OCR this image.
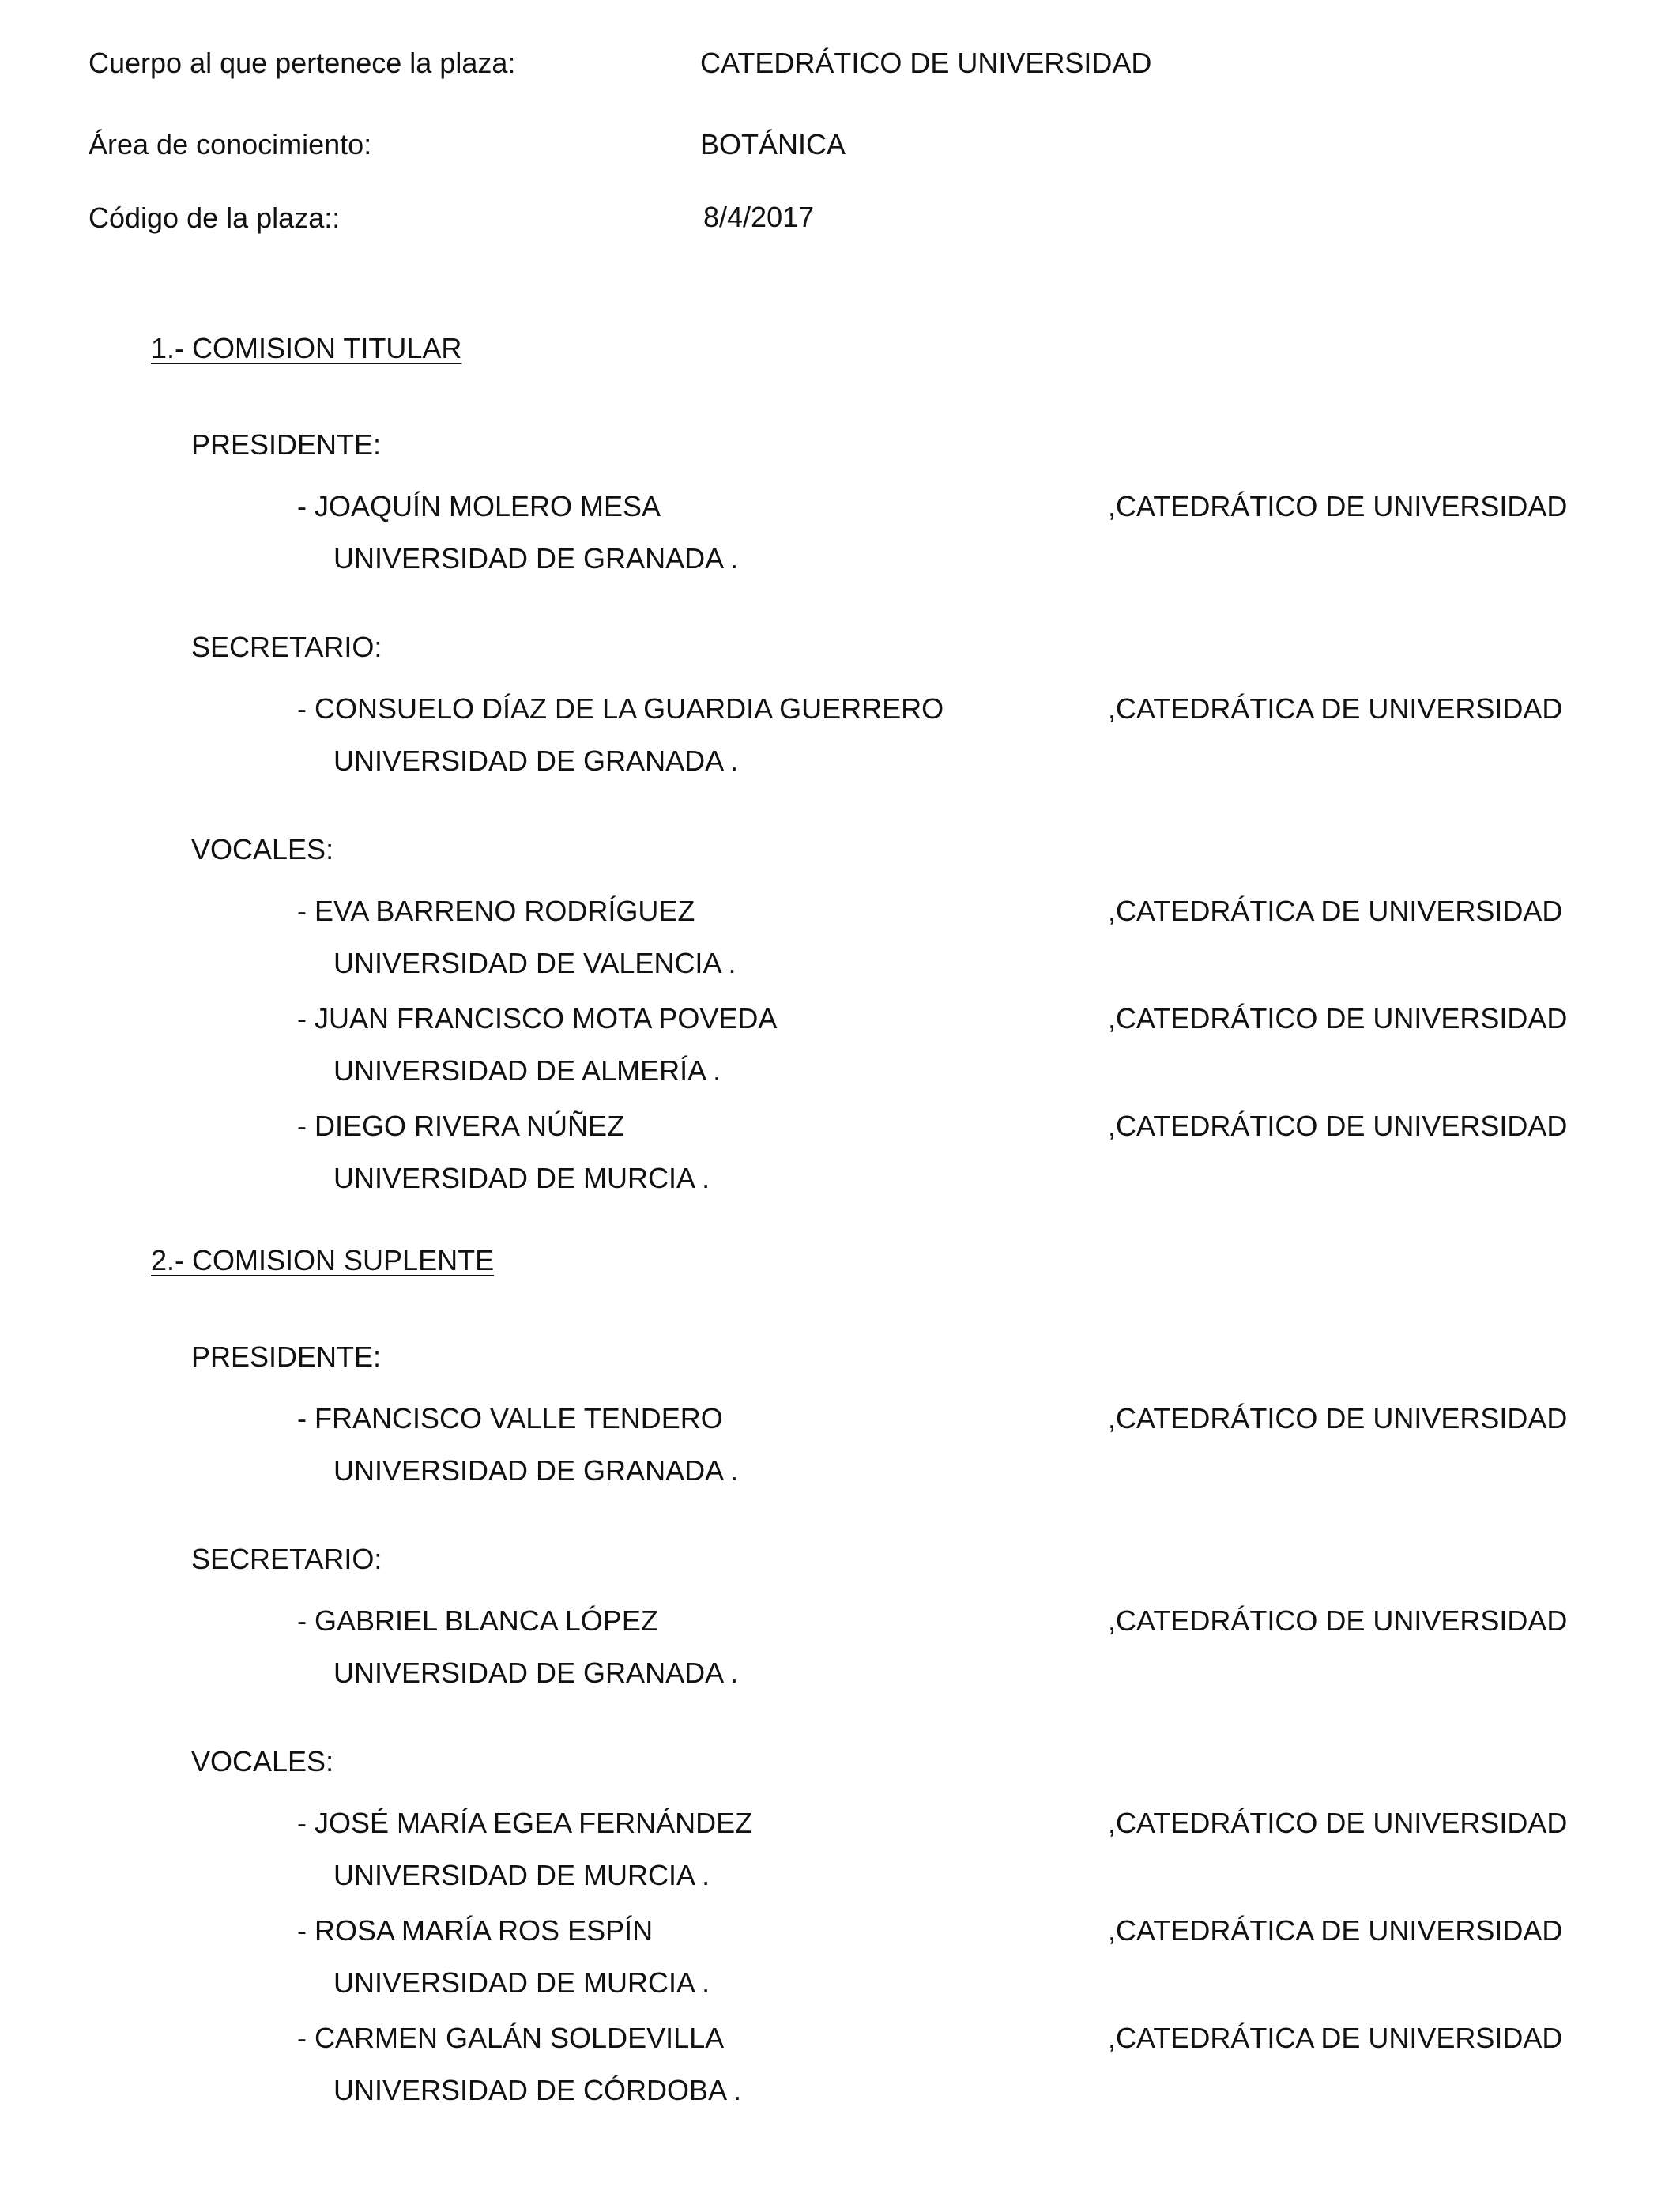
Cuerpo al que pertenece la plaza:	CATEDRÁTICO DE UNIVERSIDAD
Área de conocimiento:	BOTÁNICA
Código de la plaza::	8/4/2017
1.- COMISION TITULAR
PRESIDENTE:
- JOAQUÍN MOLERO MESA	,CATEDRÁTICO DE UNIVERSIDAD
UNIVERSIDAD DE GRANADA .
SECRETARIO:
- CONSUELO DÍAZ DE LA GUARDIA GUERRERO	,CATEDRÁTICA DE UNIVERSIDAD
UNIVERSIDAD DE GRANADA .
VOCALES:
- EVA BARRENO RODRÍGUEZ	,CATEDRÁTICA DE UNIVERSIDAD
UNIVERSIDAD DE VALENCIA .
- JUAN FRANCISCO MOTA POVEDA	,CATEDRÁTICO DE UNIVERSIDAD
UNIVERSIDAD DE ALMERÍA .
- DIEGO RIVERA NÚÑEZ	,CATEDRÁTICO DE UNIVERSIDAD
UNIVERSIDAD DE MURCIA .
2.- COMISION SUPLENTE
PRESIDENTE:
- FRANCISCO VALLE TENDERO	,CATEDRÁTICO DE UNIVERSIDAD
UNIVERSIDAD DE GRANADA .
SECRETARIO:
- GABRIEL BLANCA LÓPEZ	,CATEDRÁTICO DE UNIVERSIDAD
UNIVERSIDAD DE GRANADA .
VOCALES:
- JOSÉ MARÍA EGEA FERNÁNDEZ	,CATEDRÁTICO DE UNIVERSIDAD
UNIVERSIDAD DE MURCIA .
- ROSA MARÍA ROS ESPÍN	,CATEDRÁTICA DE UNIVERSIDAD
UNIVERSIDAD DE MURCIA .
- CARMEN GALÁN SOLDEVILLA	,CATEDRÁTICA DE UNIVERSIDAD
UNIVERSIDAD DE CÓRDOBA .
